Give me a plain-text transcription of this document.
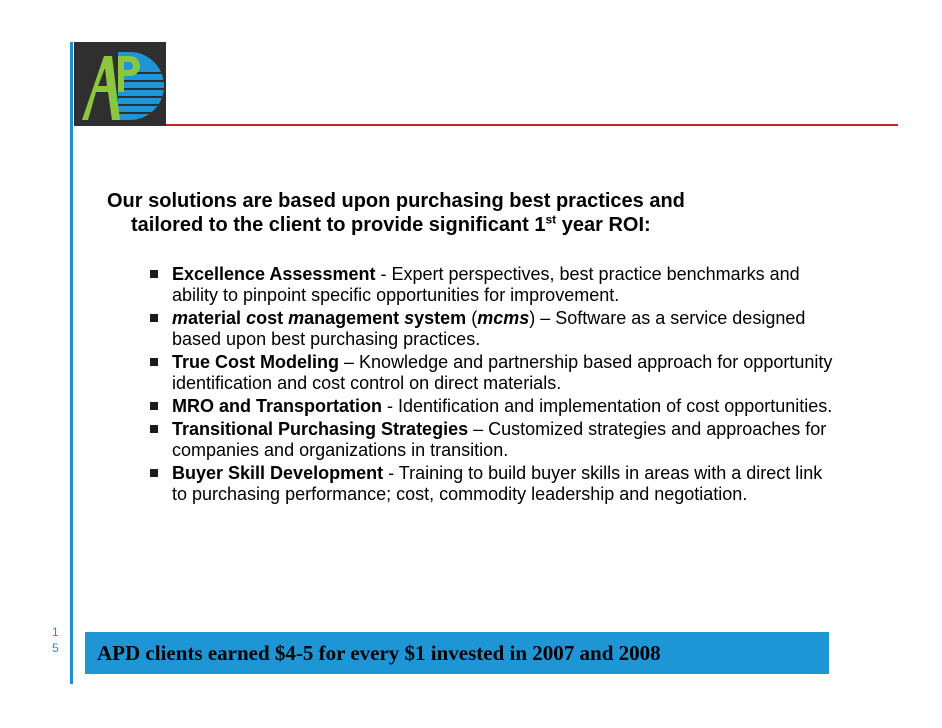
1
5
Our solutions are based upon purchasing best practices and
tailored to the client to provide significant 1st year ROI:
Excellence Assessment - Expert perspectives, best practice benchmarks and ability to pinpoint specific opportunities for improvement.
material cost management system (mcms) – Software as a service designed based upon best purchasing practices.
True Cost Modeling – Knowledge and partnership based approach for opportunity identification and cost control on direct materials.
MRO and Transportation - Identification and implementation of cost opportunities.
Transitional Purchasing Strategies – Customized strategies and approaches for companies and organizations in transition.
Buyer Skill Development - Training to build buyer skills in areas with a direct link to purchasing performance; cost, commodity leadership and negotiation.
APD clients earned $4-5 for every $1 invested in 2007 and 2008
